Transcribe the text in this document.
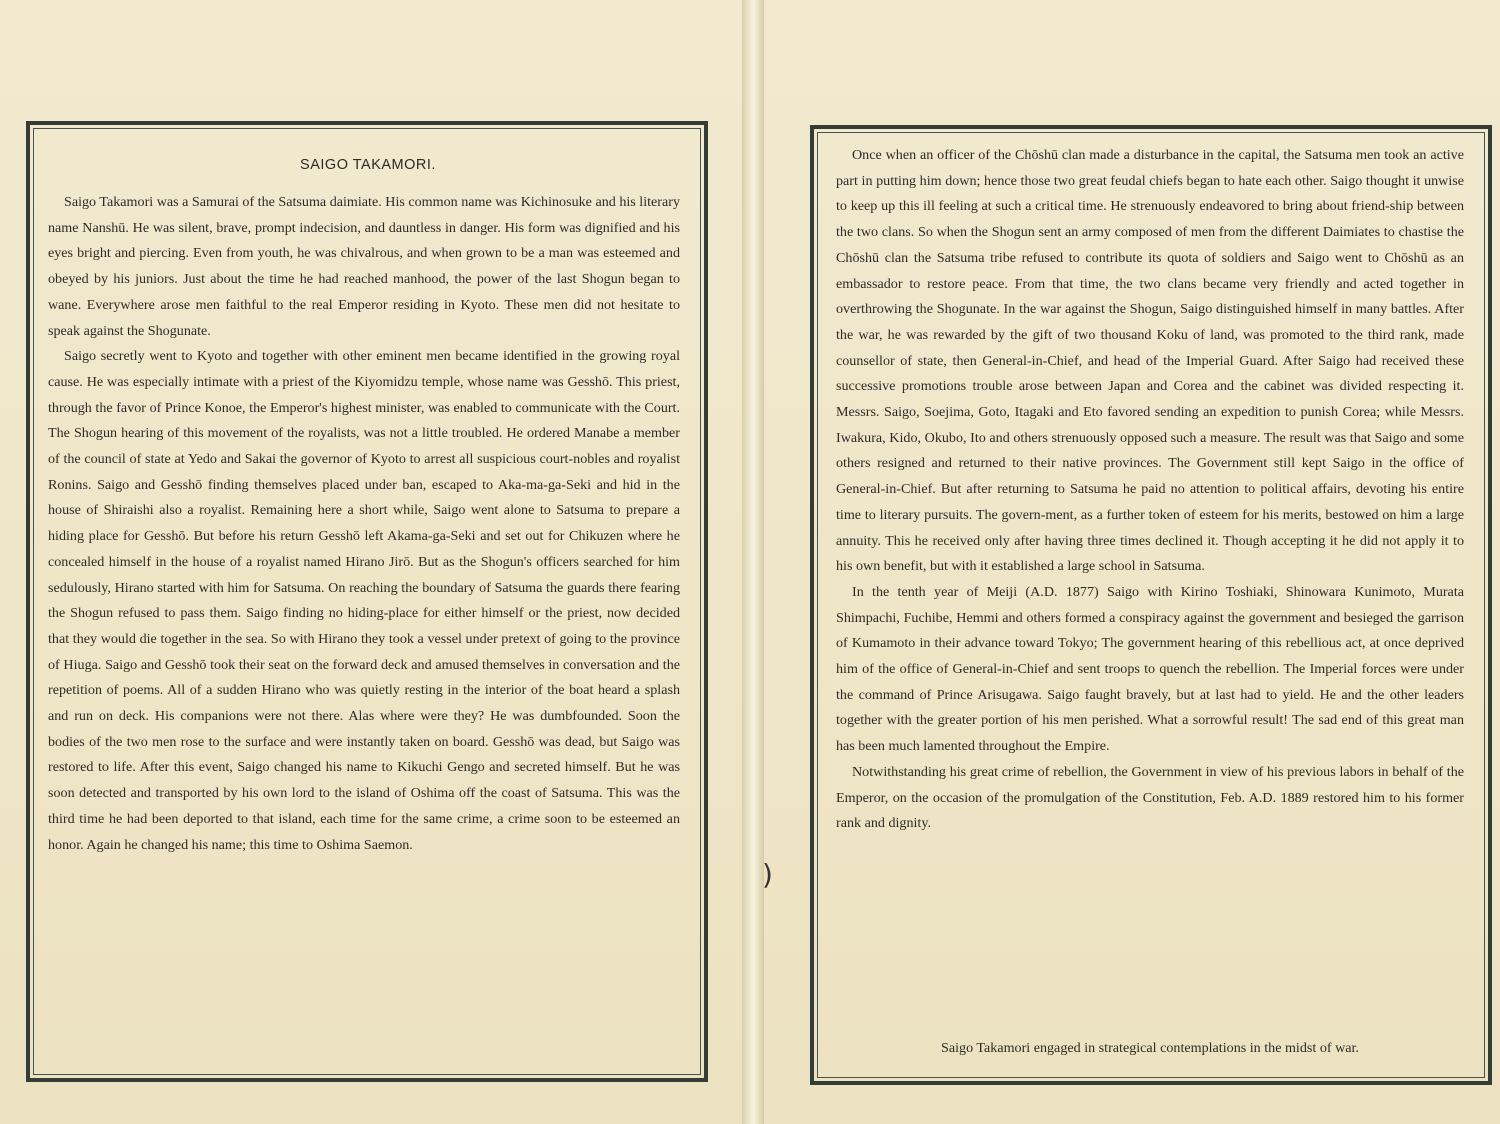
SAIGO TAKAMORI.

Saigo Takamori was a Samurai of the Satsuma daimiate. His common name was Kichinosuke and his literary name Nanshū. He was silent, brave, prompt indecision, and dauntless in danger. His form was dignified and his eyes bright and piercing. Even from youth, he was chivalrous, and when grown to be a man was esteemed and obeyed by his juniors. Just about the time he had reached manhood, the power of the last Shogun began to wane. Everywhere arose men faithful to the real Emperor residing in Kyoto. These men did not hesitate to speak against the Shogunate.

Saigo secretly went to Kyoto and together with other eminent men became identified in the growing royal cause. He was especially intimate with a priest of the Kiyomidzu temple, whose name was Gesshō. This priest, through the favor of Prince Konoe, the Emperor's highest minister, was enabled to communicate with the Court. The Shogun hearing of this movement of the royalists, was not a little troubled. He ordered Manabe a member of the council of state at Yedo and Sakai the governor of Kyoto to arrest all suspicious court-nobles and royalist Ronins. Saigo and Gesshō finding themselves placed under ban, escaped to Aka-ma-ga-Seki and hid in the house of Shiraishi also a royalist. Remaining here a short while, Saigo went alone to Satsuma to prepare a hiding place for Gesshō. But before his return Gesshō left Akama-ga-Seki and set out for Chikuzen where he concealed himself in the house of a royalist named Hirano Jirō. But as the Shogun's officers searched for him sedulously, Hirano started with him for Satsuma. On reaching the boundary of Satsuma the guards there fearing the Shogun refused to pass them. Saigo finding no hiding-place for either himself or the priest, now decided that they would die together in the sea. So with Hirano they took a vessel under pretext of going to the province of Hiuga. Saigo and Gesshō took their seat on the forward deck and amused themselves in conversation and the repetition of poems. All of a sudden Hirano who was quietly resting in the interior of the boat heard a splash and run on deck. His companions were not there. Alas where were they? He was dumbfounded. Soon the bodies of the two men rose to the surface and were instantly taken on board. Gesshō was dead, but Saigo was restored to life. After this event, Saigo changed his name to Kikuchi Gengo and secreted himself. But he was soon detected and transported by his own lord to the island of Oshima off the coast of Satsuma. This was the third time he had been deported to that island, each time for the same crime, a crime soon to be esteemed an honor. Again he changed his name; this time to Oshima Saemon.

Once when an officer of the Chōshū clan made a disturbance in the capital, the Satsuma men took an active part in putting him down; hence those two great feudal chiefs began to hate each other. Saigo thought it unwise to keep up this ill feeling at such a critical time. He strenuously endeavored to bring about friend-ship between the two clans. So when the Shogun sent an army composed of men from the different Daimiates to chastise the Chōshū clan the Satsuma tribe refused to contribute its quota of soldiers and Saigo went to Chōshū as an embassador to restore peace. From that time, the two clans became very friendly and acted together in overthrowing the Shogunate. In the war against the Shogun, Saigo distinguished himself in many battles. After the war, he was rewarded by the gift of two thousand Koku of land, was promoted to the third rank, made counsellor of state, then General-in-Chief, and head of the Imperial Guard. After Saigo had received these successive promotions trouble arose between Japan and Corea and the cabinet was divided respecting it. Messrs. Saigo, Soejima, Goto, Itagaki and Eto favored sending an expedition to punish Corea; while Messrs. Iwakura, Kido, Okubo, Ito and others strenuously opposed such a measure. The result was that Saigo and some others resigned and returned to their native provinces. The Government still kept Saigo in the office of General-in-Chief. But after returning to Satsuma he paid no attention to political affairs, devoting his entire time to literary pursuits. The govern-ment, as a further token of esteem for his merits, bestowed on him a large annuity. This he received only after having three times declined it. Though accepting it he did not apply it to his own benefit, but with it established a large school in Satsuma.

In the tenth year of Meiji (A.D. 1877) Saigo with Kirino Toshiaki, Shinowara Kunimoto, Murata Shimpachi, Fuchibe, Hemmi and others formed a conspiracy against the government and besieged the garrison of Kumamoto in their advance toward Tokyo; The government hearing of this rebellious act, at once deprived him of the office of General-in-Chief and sent troops to quench the rebellion. The Imperial forces were under the command of Prince Arisugawa. Saigo faught bravely, but at last had to yield. He and the other leaders together with the greater portion of his men perished. What a sorrowful result! The sad end of this great man has been much lamented throughout the Empire.

Notwithstanding his great crime of rebellion, the Government in view of his previous labors in behalf of the Emperor, on the occasion of the promulgation of the Constitution, Feb. A.D. 1889 restored him to his former rank and dignity.

Saigo Takamori engaged in strategical contemplations in the midst of war.
)
